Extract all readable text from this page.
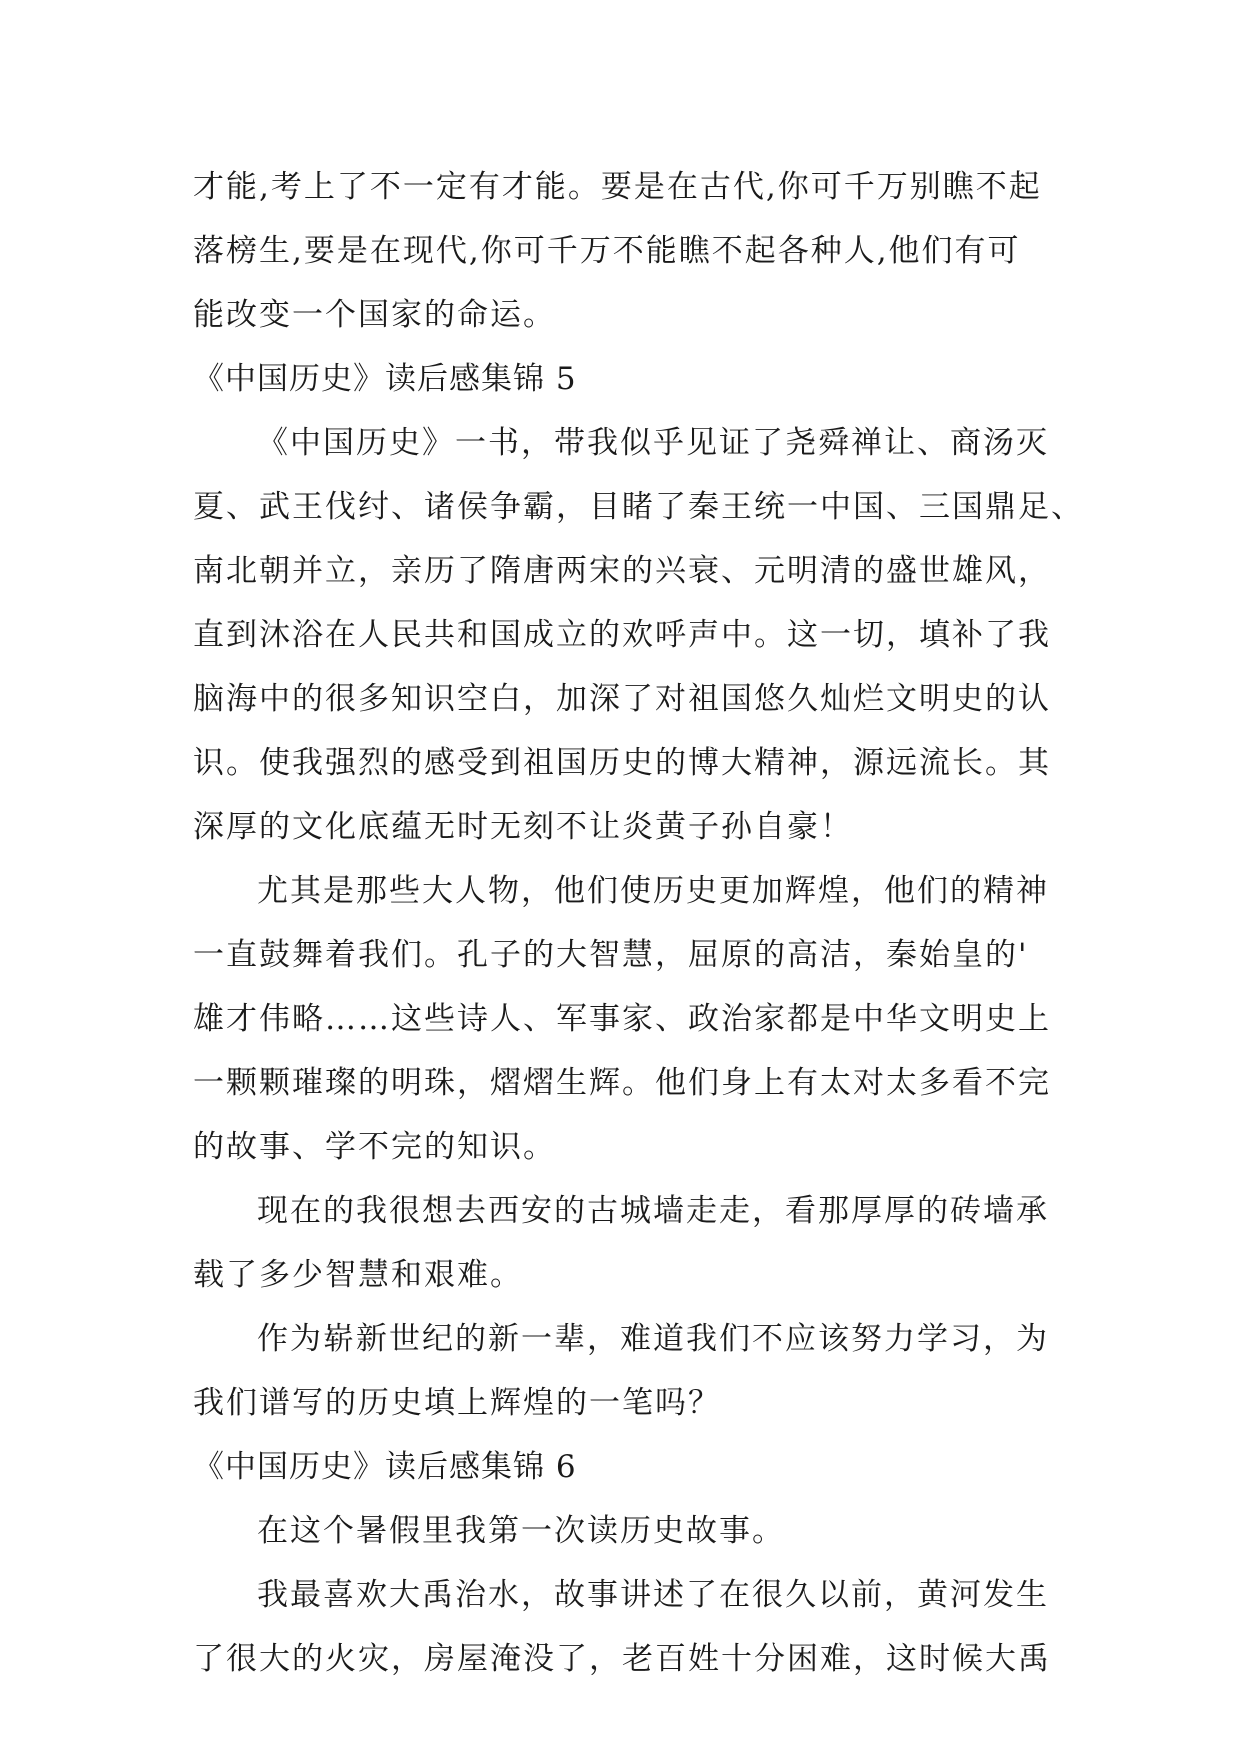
才能,考上了不一定有才能。要是在古代,你可千万别瞧不起
落榜生,要是在现代,你可千万不能瞧不起各种人,他们有可
能改变一个国家的命运。
《中国历史》读后感集锦 5
《中国历史》一书，带我似乎见证了尧舜禅让、商汤灭
夏、武王伐纣、诸侯争霸，目睹了秦王统一中国、三国鼎足、
南北朝并立，亲历了隋唐两宋的兴衰、元明清的盛世雄风，
直到沐浴在人民共和国成立的欢呼声中。这一切，填补了我
脑海中的很多知识空白，加深了对祖国悠久灿烂文明史的认
识。使我强烈的感受到祖国历史的博大精神，源远流长。其
深厚的文化底蕴无时无刻不让炎黄子孙自豪！
尤其是那些大人物，他们使历史更加辉煌，他们的精神
一直鼓舞着我们。孔子的大智慧，屈原的高洁，秦始皇的'
雄才伟略……这些诗人、军事家、政治家都是中华文明史上
一颗颗璀璨的明珠，熠熠生辉。他们身上有太对太多看不完
的故事、学不完的知识。
现在的我很想去西安的古城墙走走，看那厚厚的砖墙承
载了多少智慧和艰难。
作为崭新世纪的新一辈，难道我们不应该努力学习，为
我们谱写的历史填上辉煌的一笔吗？
《中国历史》读后感集锦 6
在这个暑假里我第一次读历史故事。
我最喜欢大禹治水，故事讲述了在很久以前，黄河发生
了很大的火灾，房屋淹没了，老百姓十分困难，这时候大禹
